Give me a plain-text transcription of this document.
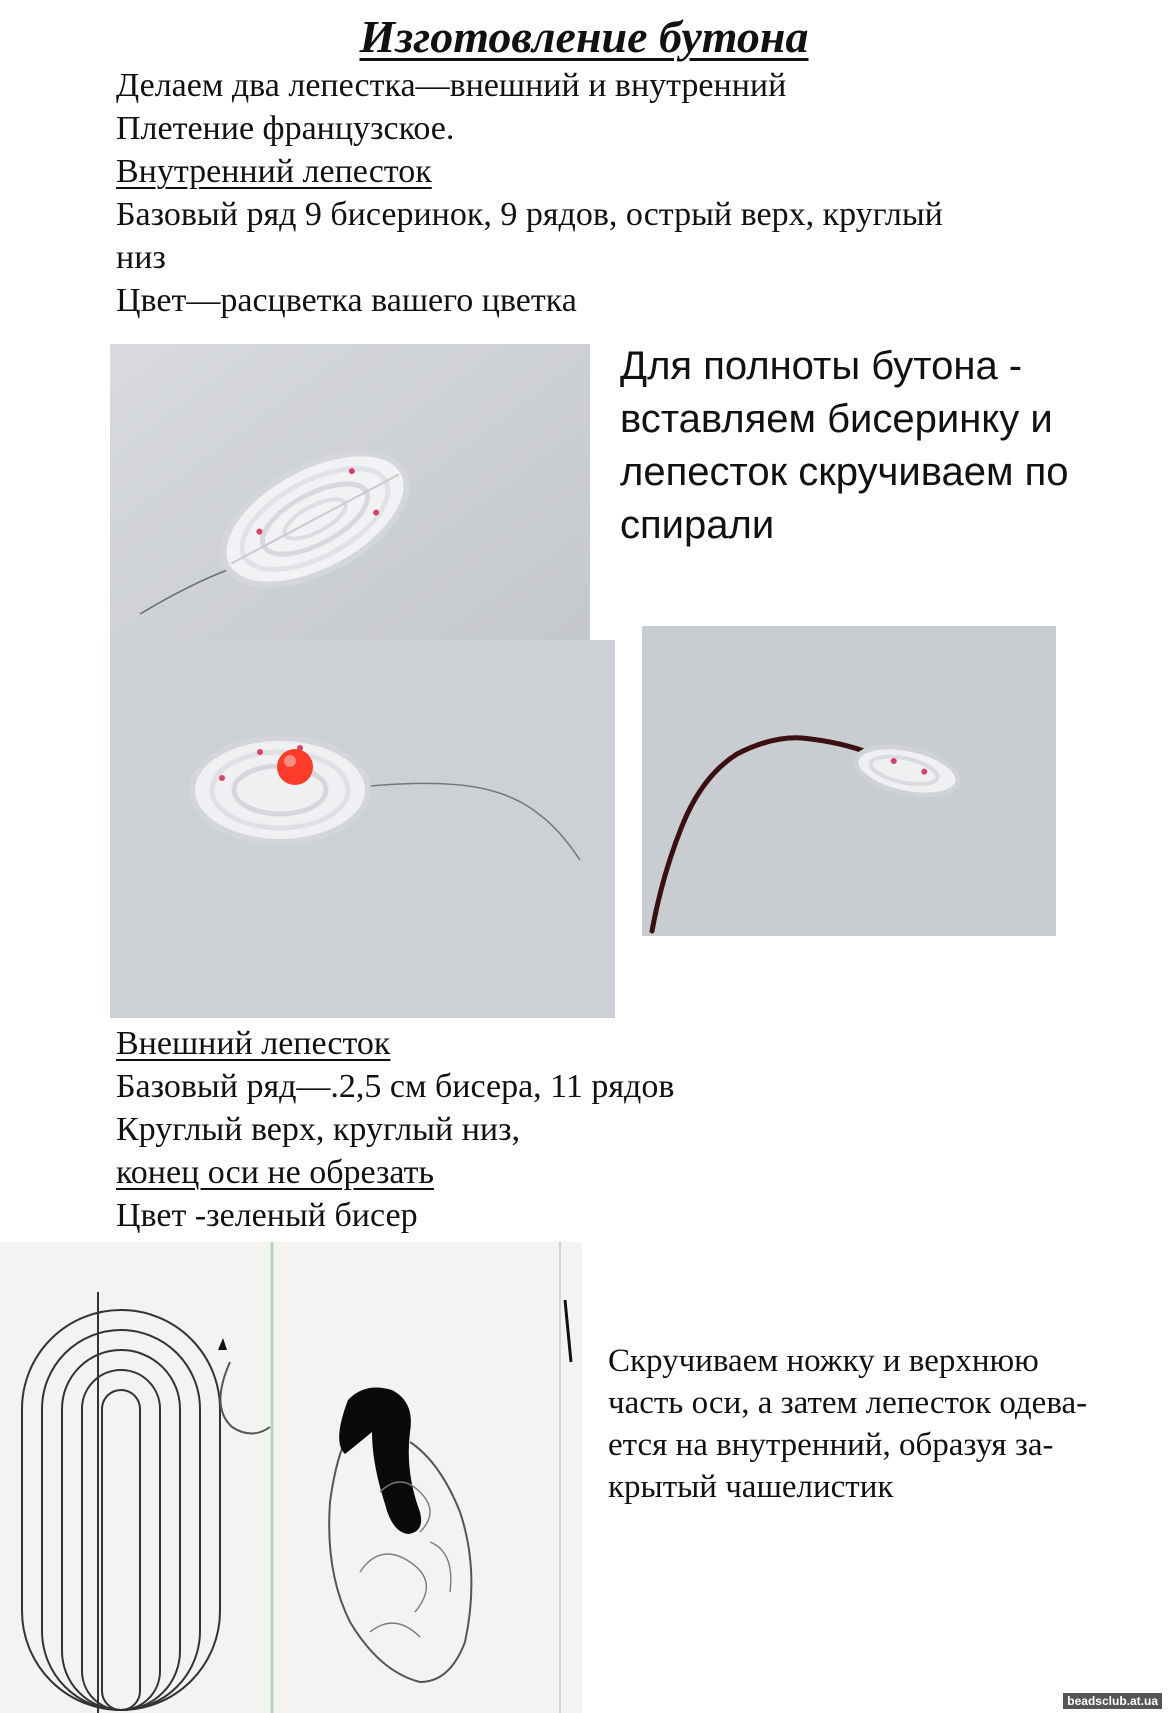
Изготовление бутона
Делаем два лепестка—внешний и внутренний
Плетение французское.
Внутренний лепесток
Базовый ряд 9 бисеринок, 9 рядов, острый верх, круглый
низ
Цвет—расцветка вашего цветка
Для полноты бутона -
вставляем бисеринку и
лепесток скручиваем по
спирали
Внешний лепесток
Базовый ряд—.2,5 см бисера, 11 рядов
Круглый верх, круглый низ,
конец оси не обрезать
Цвет -зеленый бисер
Скручиваем ножку и верхнюю
часть оси, а затем лепесток одева-
ется на внутренний, образуя за-
крытый чашелистик
beadsclub.at.ua
